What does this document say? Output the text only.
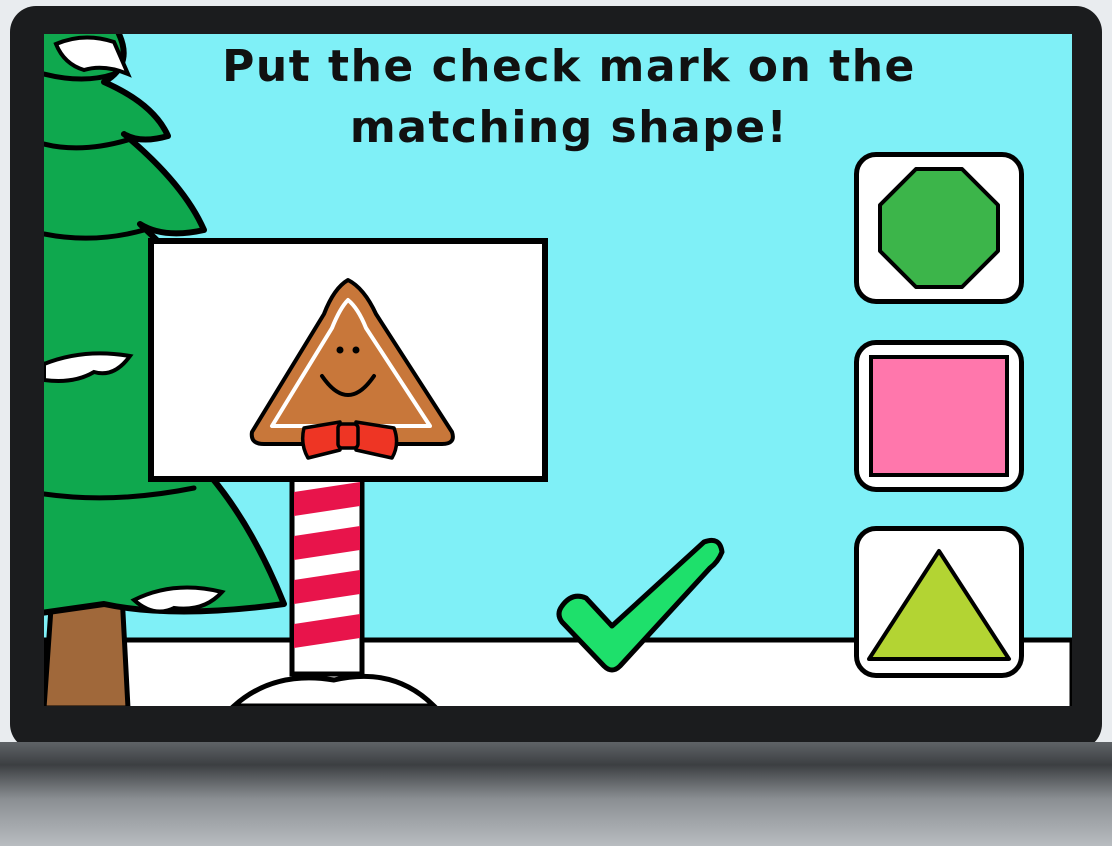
Put the check mark on the
matching shape!
